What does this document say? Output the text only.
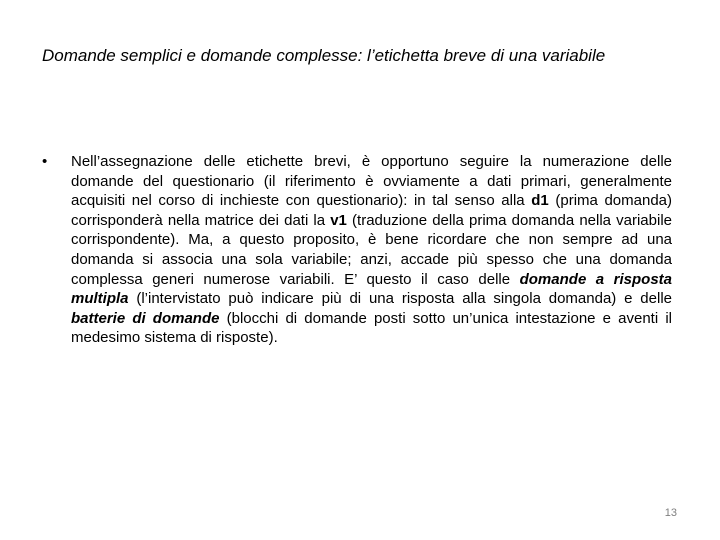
Domande semplici e domande complesse: l’etichetta breve di una variabile
• Nell’assegnazione delle etichette brevi, è opportuno seguire la numerazione delle domande del questionario (il riferimento è ovviamente a dati primari, generalmente acquisiti nel corso di inchieste con questionario): in tal senso alla d1 (prima domanda) corrisponderà nella matrice dei dati la v1 (traduzione della prima domanda nella variabile corrispondente). Ma, a questo proposito, è bene ricordare che non sempre ad una domanda si associa una sola variabile; anzi, accade più spesso che una domanda complessa generi numerose variabili. E’ questo il caso delle domande a risposta multipla (l’intervistato può indicare più di una risposta alla singola domanda) e delle batterie di domande (blocchi di domande posti sotto un’unica intestazione e aventi il medesimo sistema di risposte).
13
